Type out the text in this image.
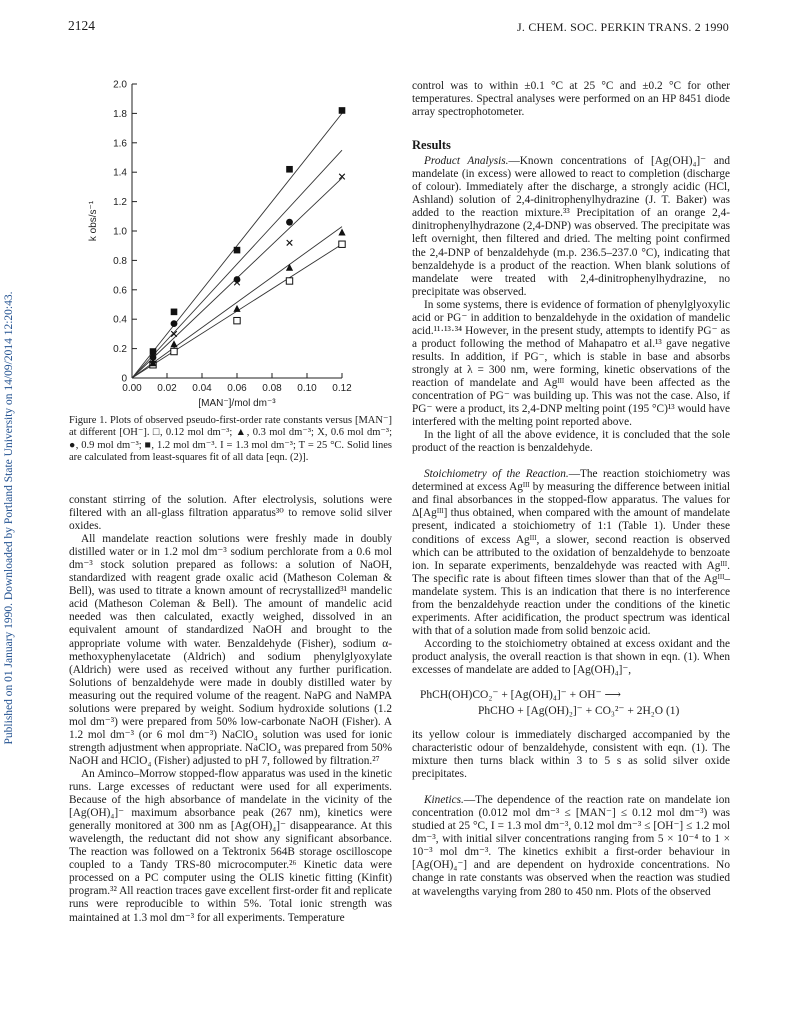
Published on 01 January 1990. Downloaded by Portland State University on 14/09/2014 12:20:43.
2124	J. CHEM. SOC. PERKIN TRANS. 2 1990
0
0.2
0.4
0.6
0.8
1.0
1.2
1.4
1.6
1.8
2.0
0.00 0.02 0.04 0.06 0.08 0.10 0.12
[MAN⁻]/mol dm⁻³
k obs/s⁻¹
Figure 1. Plots of observed pseudo-first-order rate constants versus [MAN⁻] at different [OH⁻]. □, 0.12 mol dm⁻³; ▲, 0.3 mol dm⁻³; X, 0.6 mol dm⁻³; ●, 0.9 mol dm⁻³; ■, 1.2 mol dm⁻³. I = 1.3 mol dm⁻³; T = 25 °C. Solid lines are calculated from least-squares fit of all data [eqn. (2)].

constant stirring of the solution. After electrolysis, solutions were filtered with an all-glass filtration apparatus³⁰ to remove solid silver oxides.

All mandelate reaction solutions were freshly made in doubly distilled water or in 1.2 mol dm⁻³ sodium perchlorate from a 0.6 mol dm⁻³ stock solution prepared as follows: a solution of NaOH, standardized with reagent grade oxalic acid (Matheson Coleman & Bell), was used to titrate a known amount of recrystallized³¹ mandelic acid (Matheson Coleman & Bell). The amount of mandelic acid needed was then calculated, exactly weighed, dissolved in an equivalent amount of standardized NaOH and brought to the appropriate volume with water. Benzaldehyde (Fisher), sodium α-methoxyphenylacetate (Aldrich) and sodium phenylglyoxylate (Aldrich) were used as received without any further purification. Solutions of benzaldehyde were made in doubly distilled water by measuring out the required volume of the reagent. NaPG and NaMPA solutions were prepared by weight. Sodium hydroxide solutions (1.2 mol dm⁻³) were prepared from 50% low-carbonate NaOH (Fisher). A 1.2 mol dm⁻³ (or 6 mol dm⁻³) NaClO₄ solution was used for ionic strength adjustment when appropriate. NaClO₄ was prepared from 50% NaOH and HClO₄ (Fisher) adjusted to pH 7, followed by filtration.²⁷

An Aminco–Morrow stopped-flow apparatus was used in the kinetic runs. Large excesses of reductant were used for all experiments. Because of the high absorbance of mandelate in the vicinity of the [Ag(OH)₄]⁻ maximum absorbance peak (267 nm), kinetics were generally monitored at 300 nm as [Ag(OH)₄]⁻ disappearance. At this wavelength, the reductant did not show any significant absorbance. The reaction was followed on a Tektronix 564B storage oscilloscope coupled to a Tandy TRS-80 microcomputer.²⁶ Kinetic data were processed on a PC computer using the OLIS kinetic fitting (Kinfit) program.³² All reaction traces gave excellent first-order fit and replicate runs were reproducible to within 5%. Total ionic strength was maintained at 1.3 mol dm⁻³ for all experiments. Temperature

control was to within ±0.1 °C at 25 °C and ±0.2 °C for other temperatures. Spectral analyses were performed on an HP 8451 diode array spectrophotometer.

Results

Product Analysis.—Known concentrations of [Ag(OH)₄]⁻ and mandelate (in excess) were allowed to react to completion (discharge of colour). Immediately after the discharge, a strongly acidic (HCl, Ashland) solution of 2,4-dinitrophenylhydrazine (J. T. Baker) was added to the reaction mixture.³³ Precipitation of an orange 2,4-dinitrophenylhydrazone (2,4-DNP) was observed. The precipitate was left overnight, then filtered and dried. The melting point confirmed the 2,4-DNP of benzaldehyde (m.p. 236.5–237.0 °C), indicating that benzaldehyde is a product of the reaction. When blank solutions of mandelate were treated with 2,4-dinitrophenylhydrazine, no precipitate was observed.

In some systems, there is evidence of formation of phenylglyoxylic acid or PG⁻ in addition to benzaldehyde in the oxidation of mandelic acid.¹¹·¹³·³⁴ However, in the present study, attempts to identify PG⁻ as a product following the method of Mahapatro et al.¹³ gave negative results. In addition, if PG⁻, which is stable in base and absorbs strongly at λ = 300 nm, were forming, kinetic observations of the reaction of mandelate and Agᴵᴵᴵ would have been affected as the concentration of PG⁻ was building up. This was not the case. Also, if PG⁻ were a product, its 2,4-DNP melting point (195 °C)¹³ would have interfered with the melting point reported above.

In the light of all the above evidence, it is concluded that the sole product of the reaction is benzaldehyde.

Stoichiometry of the Reaction.—The reaction stoichiometry was determined at excess Agᴵᴵᴵ by measuring the difference between initial and final absorbances in the stopped-flow apparatus. The values for Δ[Agᴵᴵᴵ] thus obtained, when compared with the amount of mandelate present, indicated a stoichiometry of 1:1 (Table 1). Under these conditions of excess Agᴵᴵᴵ, a slower, second reaction is observed which can be attributed to the oxidation of benzaldehyde to benzoate ion. In separate experiments, benzaldehyde was reacted with Agᴵᴵᴵ. The specific rate is about fifteen times slower than that of the Agᴵᴵᴵ–mandelate system. This is an indication that there is no interference from the benzaldehyde reaction under the conditions of the kinetic experiments. After acidification, the product spectrum was identical with that of a solution made from solid benzoic acid.

According to the stoichiometry obtained at excess oxidant and the product analysis, the overall reaction is that shown in eqn. (1). When excesses of mandelate are added to [Ag(OH)₄]⁻,

PhCH(OH)CO₂⁻ + [Ag(OH)₄]⁻ + OH⁻ ⟶
PhCHO + [Ag(OH)₂]⁻ + CO₃²⁻ + 2H₂O (1)

its yellow colour is immediately discharged accompanied by the characteristic odour of benzaldehyde, consistent with eqn. (1). The mixture then turns black within 3 to 5 s as solid silver oxide precipitates.

Kinetics.—The dependence of the reaction rate on mandelate ion concentration (0.012 mol dm⁻³ ≤ [MAN⁻] ≤ 0.12 mol dm⁻³) was studied at 25 °C, I = 1.3 mol dm⁻³, 0.12 mol dm⁻³ ≤ [OH⁻] ≤ 1.2 mol dm⁻³, with initial silver concentrations ranging from 5 × 10⁻⁴ to 1 × 10⁻³ mol dm⁻³. The kinetics exhibit a first-order behaviour in [Ag(OH)₄⁻] and are dependent on hydroxide concentrations. No change in rate constants was observed when the reaction was studied at wavelengths varying from 280 to 450 nm. Plots of the observed
